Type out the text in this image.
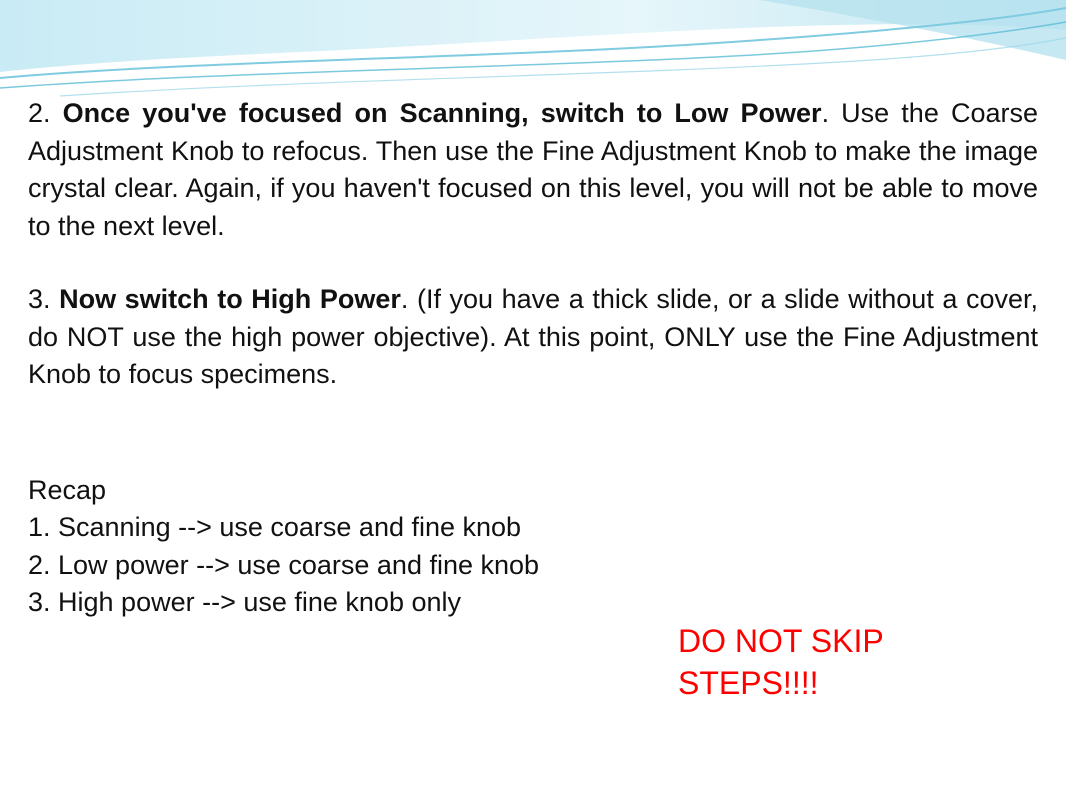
2. Once you've focused on Scanning, switch to Low Power. Use the Coarse Adjustment Knob to refocus. Then use the Fine Adjustment Knob to make the image crystal clear. Again, if you haven't focused on this level, you will not be able to move to the next level.

3. Now switch to High Power. (If you have a thick slide, or a slide without a cover, do NOT use the high power objective). At this point, ONLY use the Fine Adjustment Knob to focus specimens.

Recap

1. Scanning --> use coarse and fine knob

2. Low power --> use coarse and fine knob

3. High power --> use fine knob only

DO NOT SKIP
STEPS!!!!
